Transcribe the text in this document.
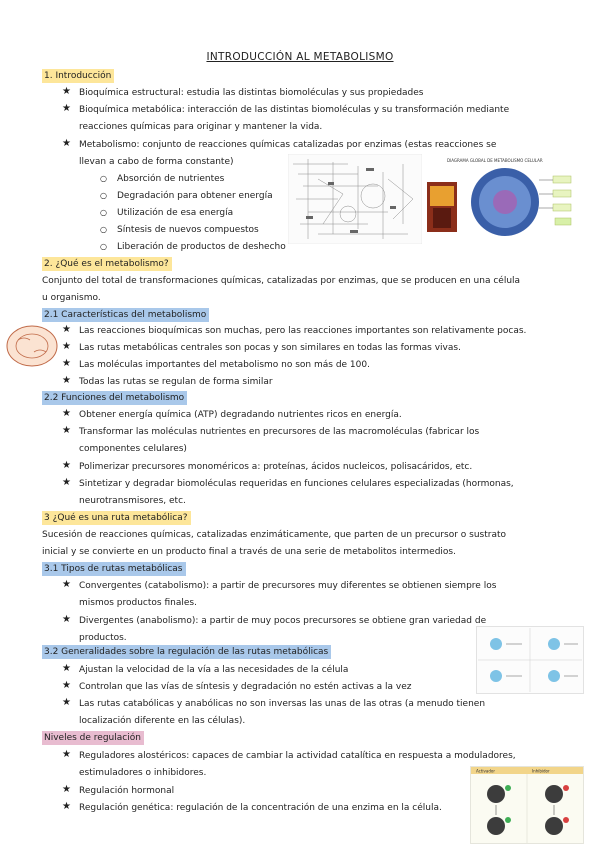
INTRODUCCIÓN AL METABOLISMO
1. Introducción
★ Bioquímica estructural: estudia las distintas biomoléculas y sus propiedades
★ Bioquímica metabólica: interacción de las distintas biomoléculas y su transformación mediante
reacciones químicas para originar y mantener la vida.
★ Metabolismo: conjunto de reacciones químicas catalizadas por enzimas (estas reacciones se
llevan a cabo de forma constante)
○ Absorción de nutrientes
○ Degradación para obtener energía
○ Utilización de esa energía
○ Síntesis de nuevos compuestos
○ Liberación de productos de deshecho
DIAGRAMA GLOBAL DE METABOLISMO CELULAR
2. ¿Qué es el metabolismo?
Conjunto del total de transformaciones químicas, catalizadas por enzimas, que se producen en una célula
u organismo.
2.1 Características del metabolismo
★ Las reacciones bioquímicas son muchas, pero las reacciones importantes son relativamente pocas.
★ Las rutas metabólicas centrales son pocas y son similares en todas las formas vivas.
★ Las moléculas importantes del metabolismo no son más de 100.
★ Todas las rutas se regulan de forma similar
2.2 Funciones del metabolismo
★ Obtener energía química (ATP) degradando nutrientes ricos en energía.
★ Transformar las moléculas nutrientes en precursores de las macromoléculas (fabricar los
componentes celulares)
★ Polimerizar precursores monoméricos a: proteínas, ácidos nucleicos, polisacáridos, etc.
★ Sintetizar y degradar biomoléculas requeridas en funciones celulares especializadas (hormonas,
neurotransmisores, etc.
3 ¿Qué es una ruta metabólica?
Sucesión de reacciones químicas, catalizadas enzimáticamente, que parten de un precursor o sustrato
inicial y se convierte en un producto final a través de una serie de metabolitos intermedios.
3.1 Tipos de rutas metabólicas
★ Convergentes (catabolismo): a partir de precursores muy diferentes se obtienen siempre los
mismos productos finales.
★ Divergentes (anabolismo): a partir de muy pocos precursores se obtiene gran variedad de
productos.
3.2 Generalidades sobre la regulación de las rutas metabólicas
★ Ajustan la velocidad de la vía a las necesidades de la célula
★ Controlan que las vías de síntesis y degradación no estén activas a la vez
★ Las rutas catabólicas y anabólicas no son inversas las unas de las otras (a menudo tienen
localización diferente en las células).
Niveles de regulación
★ Reguladores alostéricos: capaces de cambiar la actividad catalítica en respuesta a moduladores,
estimuladores o inhibidores.
★ Regulación hormonal
★ Regulación genética: regulación de la concentración de una enzima en la célula.
Activador	Inhibidor
